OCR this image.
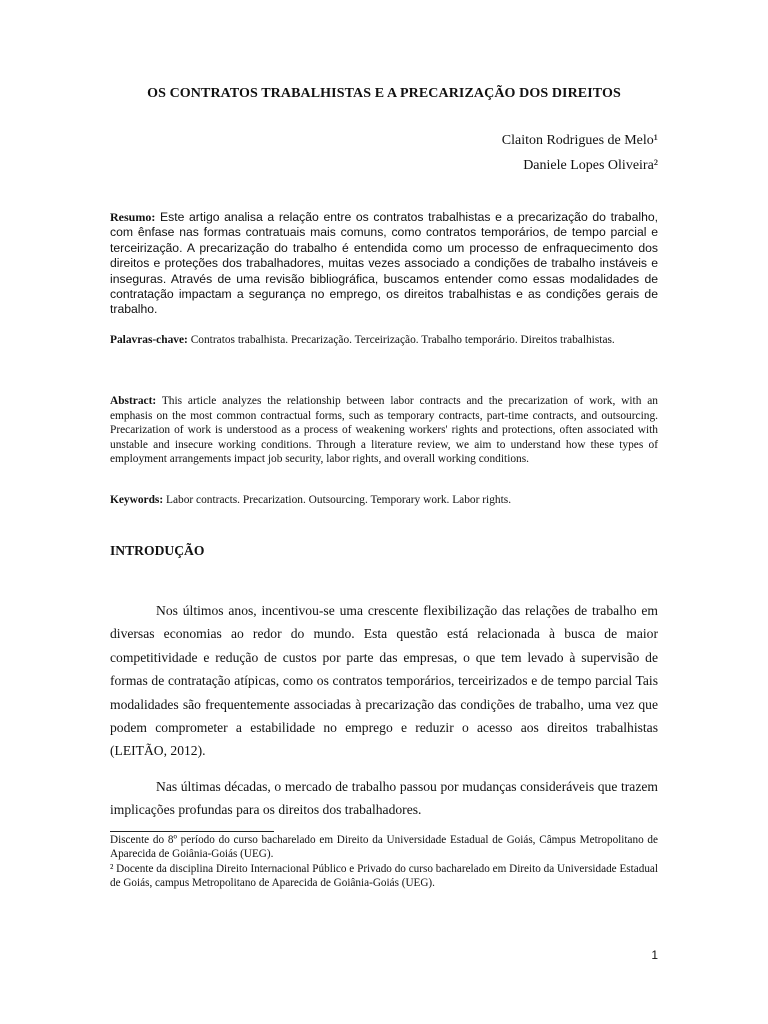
OS CONTRATOS TRABALHISTAS E A PRECARIZAÇÃO DOS DIREITOS
Claiton Rodrigues de Melo¹
Daniele Lopes Oliveira²
Resumo: Este artigo analisa a relação entre os contratos trabalhistas e a precarização do trabalho, com ênfase nas formas contratuais mais comuns, como contratos temporários, de tempo parcial e terceirização. A precarização do trabalho é entendida como um processo de enfraquecimento dos direitos e proteções dos trabalhadores, muitas vezes associado a condições de trabalho instáveis e inseguras. Através de uma revisão bibliográfica, buscamos entender como essas modalidades de contratação impactam a segurança no emprego, os direitos trabalhistas e as condições gerais de trabalho.
Palavras-chave: Contratos trabalhista. Precarização. Terceirização. Trabalho temporário. Direitos trabalhistas.
Abstract: This article analyzes the relationship between labor contracts and the precarization of work, with an emphasis on the most common contractual forms, such as temporary contracts, part-time contracts, and outsourcing. Precarization of work is understood as a process of weakening workers' rights and protections, often associated with unstable and insecure working conditions. Through a literature review, we aim to understand how these types of employment arrangements impact job security, labor rights, and overall working conditions.
Keywords: Labor contracts. Precarization. Outsourcing. Temporary work. Labor rights.
INTRODUÇÃO

Nos últimos anos, incentivou-se uma crescente flexibilização das relações de trabalho em diversas economias ao redor do mundo. Esta questão está relacionada à busca de maior competitividade e redução de custos por parte das empresas, o que tem levado à supervisão de formas de contratação atípicas, como os contratos temporários, terceirizados e de tempo parcial Tais modalidades são frequentemente associadas à precarização das condições de trabalho, uma vez que podem comprometer a estabilidade no emprego e reduzir o acesso aos direitos trabalhistas (LEITÃO, 2012).

Nas últimas décadas, o mercado de trabalho passou por mudanças consideráveis que trazem implicações profundas para os direitos dos trabalhadores.

Discente do 8º período do curso bacharelado em Direito da Universidade Estadual de Goiás, Câmpus Metropolitano de Aparecida de Goiânia-Goiás (UEG).
² Docente da disciplina Direito Internacional Público e Privado do curso bacharelado em Direito da Universidade Estadual de Goiás, campus Metropolitano de Aparecida de Goiânia-Goiás (UEG).
1
